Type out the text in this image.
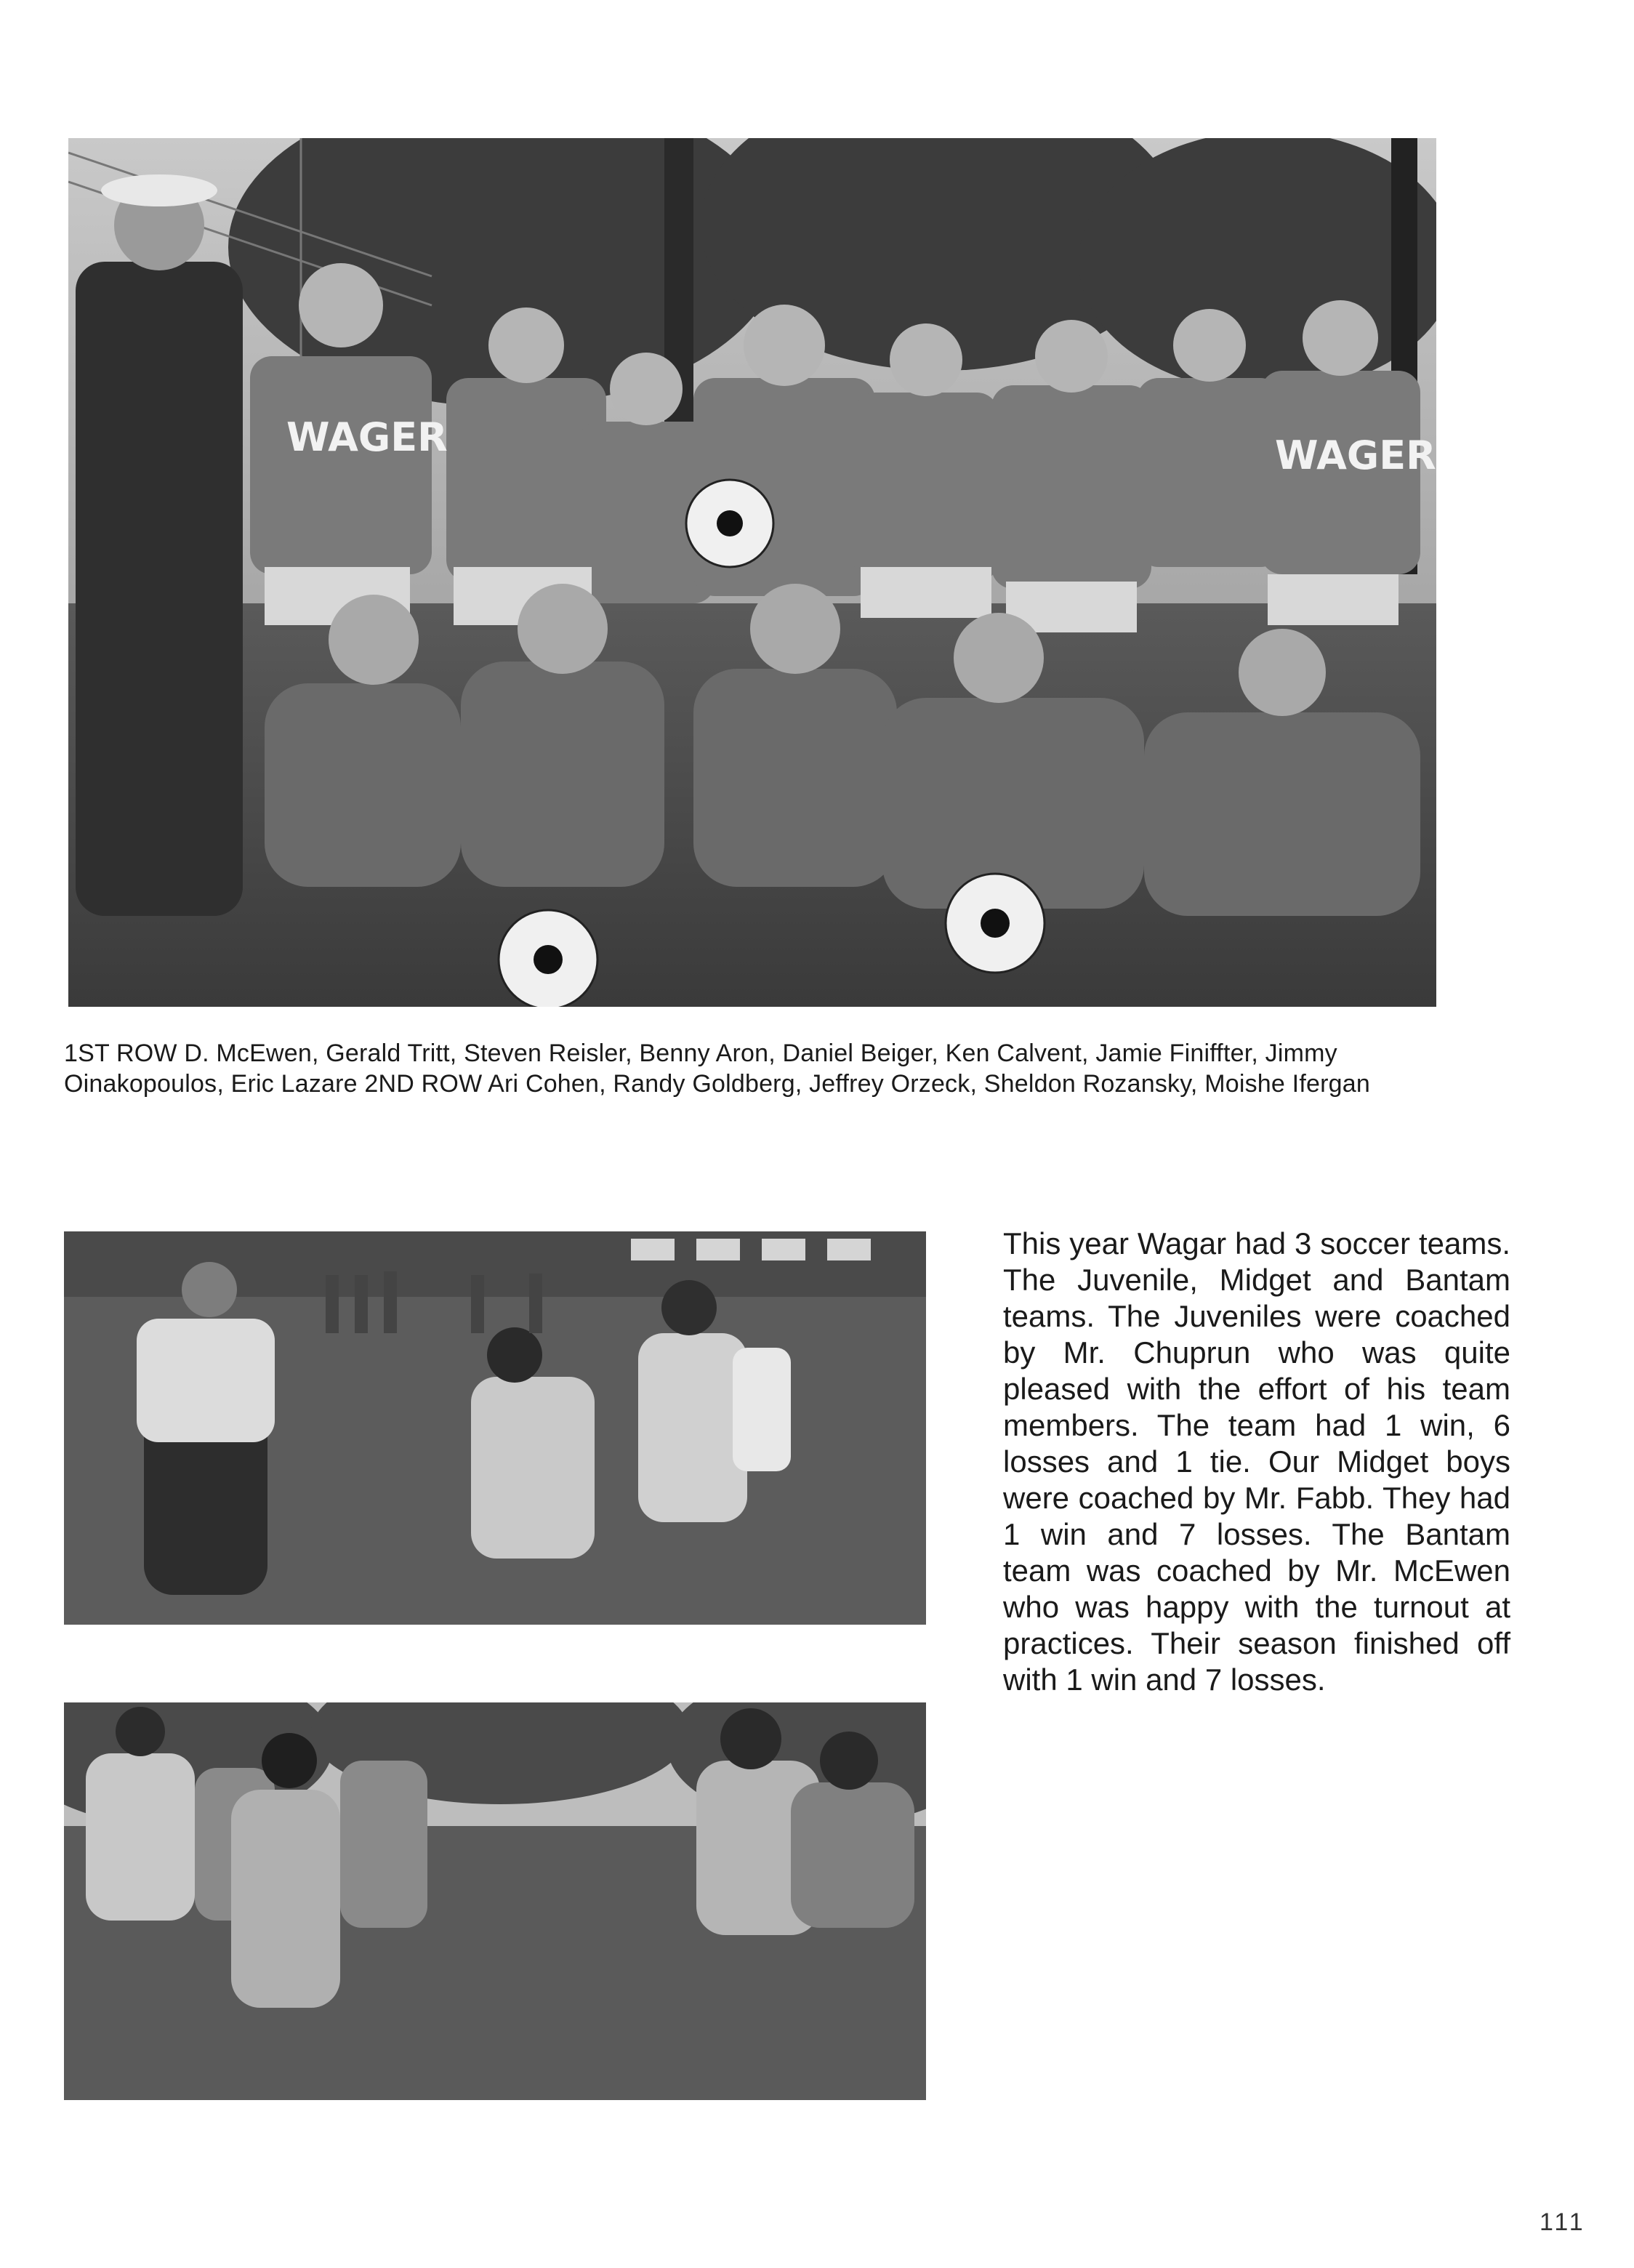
WAGER	WAGER

1ST ROW D. McEwen, Gerald Tritt, Steven Reisler, Benny Aron, Daniel Beiger, Ken Calvent, Jamie Finiffter, Jimmy
Oinakopoulos, Eric Lazare 2ND ROW Ari Cohen, Randy Goldberg, Jeffrey Orzeck, Sheldon Rozansky, Moishe Ifergan

This year Wagar had 3 soccer teams. The Juvenile, Midget and Bantam teams. The Juveniles were coached by Mr. Chuprun who was quite pleased with the effort of his team members. The team had 1 win, 6 losses and 1 tie. Our Midget boys were coached by Mr. Fabb. They had 1 win and 7 losses. The Bantam team was coached by Mr. McEwen who was happy with the turnout at practices. Their season finished off with 1 win and 7 losses.

111
